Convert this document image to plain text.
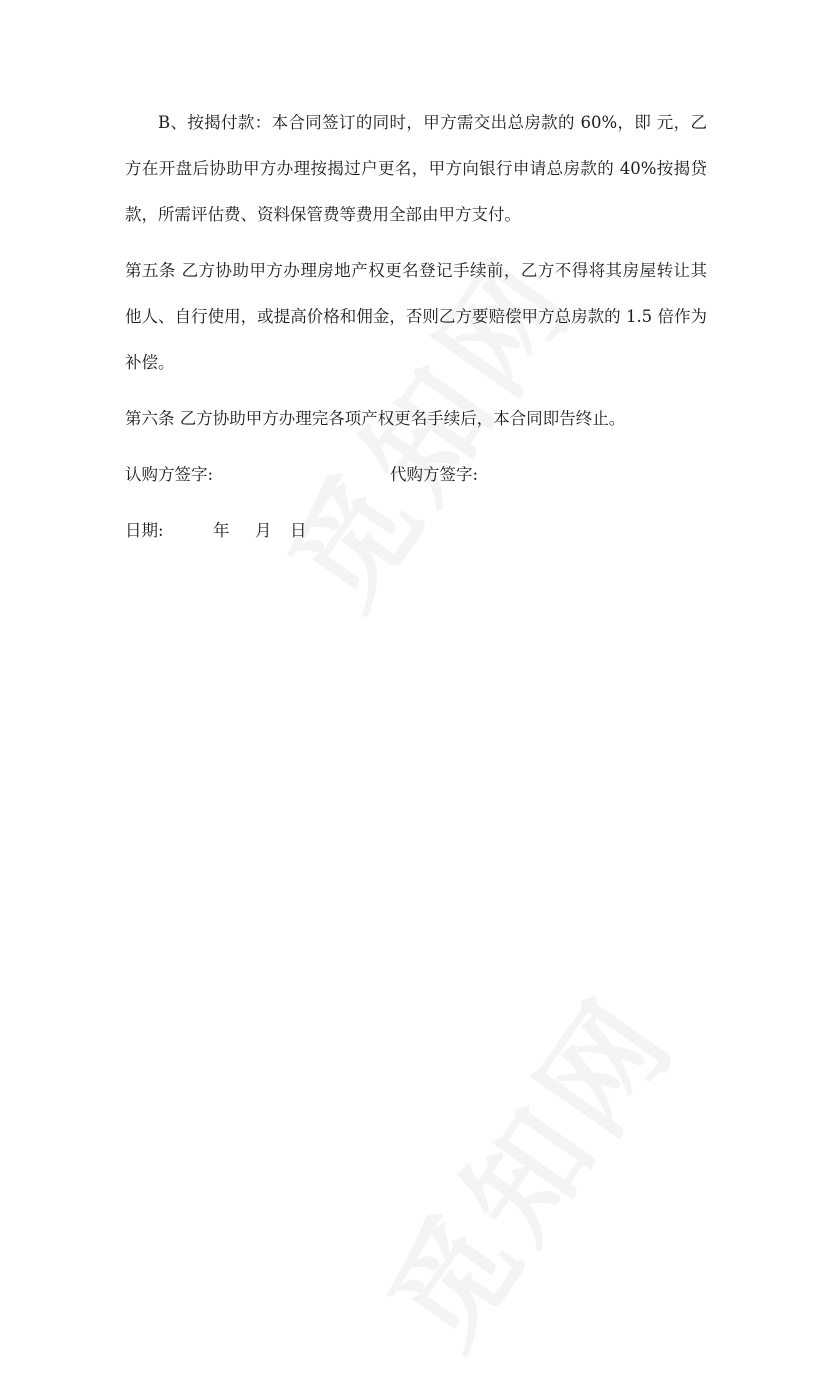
B、按揭付款：本合同签订的同时，甲方需交出总房款的 60%，即 元，乙方在开盘后协助甲方办理按揭过户更名，甲方向银行申请总房款的 40%按揭贷款，所需评估费、资料保管费等费用全部由甲方支付。

第五条 乙方协助甲方办理房地产权更名登记手续前，乙方不得将其房屋转让其他人、自行使用，或提高价格和佣金，否则乙方要赔偿甲方总房款的 1.5 倍作为补偿。

第六条 乙方协助甲方办理完各项产权更名手续后，本合同即告终止。

认购方签字:	代购方签字:
日期:	年 月 日
